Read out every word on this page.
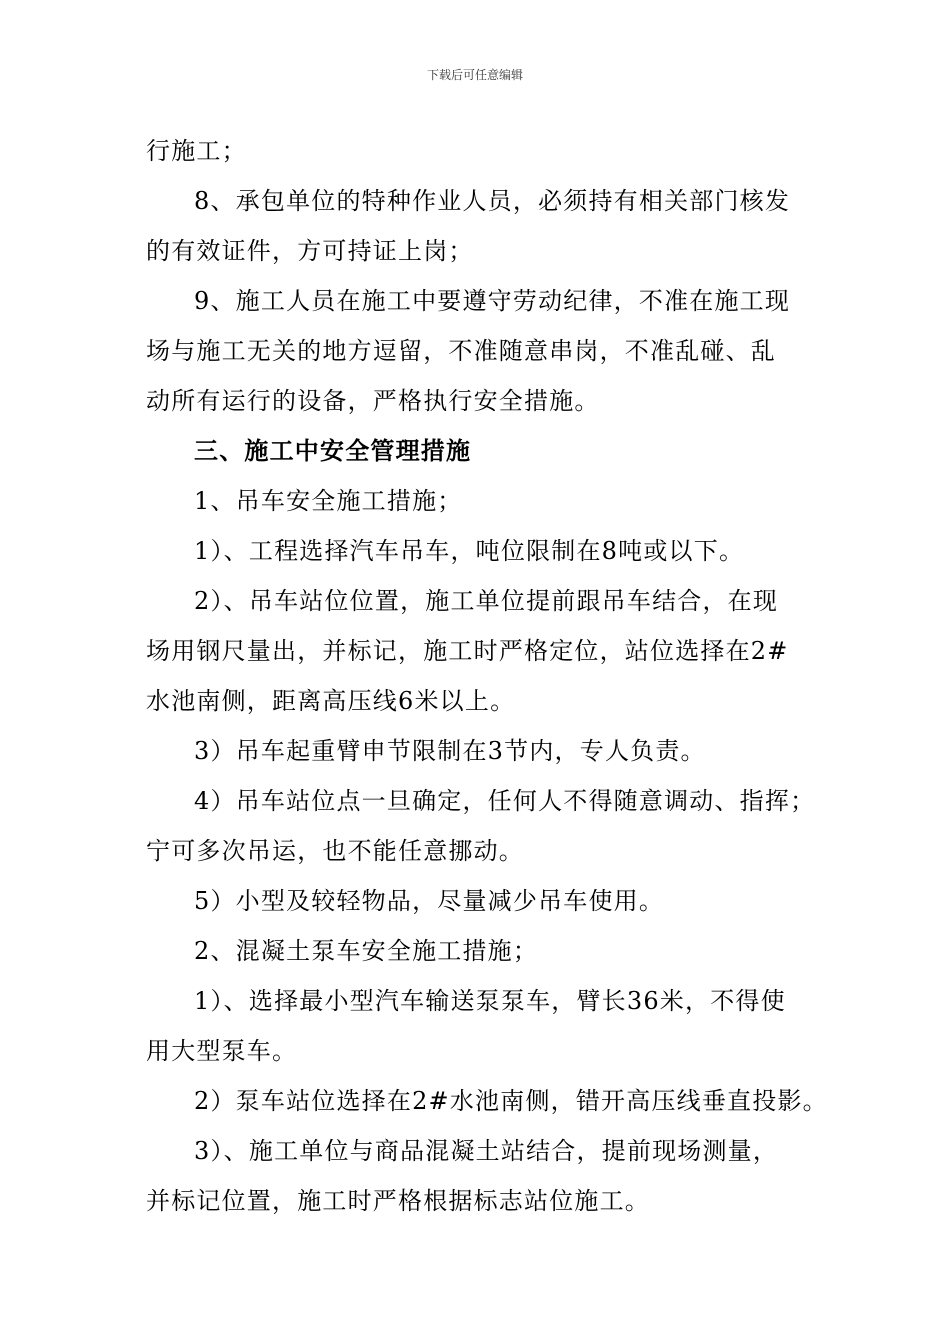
下载后可任意编辑
行施工；
8、承包单位的特种作业人员，必须持有相关部门核发
的有效证件，方可持证上岗；
9、施工人员在施工中要遵守劳动纪律，不准在施工现
场与施工无关的地方逗留，不准随意串岗，不准乱碰、乱
动所有运行的设备，严格执行安全措施。
三、施工中安全管理措施
1、吊车安全施工措施；
1）、工程选择汽车吊车，吨位限制在8吨或以下。
2）、吊车站位位置，施工单位提前跟吊车结合，在现
场用钢尺量出，并标记，施工时严格定位，站位选择在2#
水池南侧，距离高压线6米以上。
3）吊车起重臂申节限制在3节内，专人负责。
4）吊车站位点一旦确定，任何人不得随意调动、指挥；
宁可多次吊运，也不能任意挪动。
5）小型及较轻物品，尽量减少吊车使用。
2、混凝土泵车安全施工措施；
1）、选择最小型汽车输送泵泵车，臂长36米，不得使
用大型泵车。
2）泵车站位选择在2#水池南侧，错开高压线垂直投影。
3）、施工单位与商品混凝土站结合，提前现场测量，
并标记位置，施工时严格根据标志站位施工。
